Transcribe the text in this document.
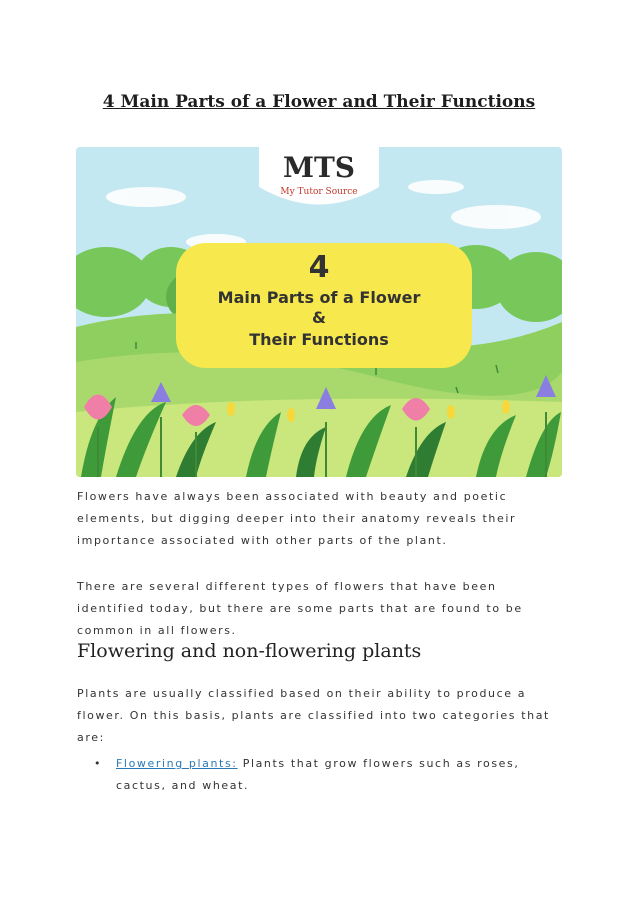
4 Main Parts of a Flower and Their Functions
MTS
My Tutor Source
4
Main Parts of a Flower
&
Their Functions

Flowers have always been associated with beauty and poetic elements, but digging deeper into their anatomy reveals their importance associated with other parts of the plant.

There are several different types of flowers that have been identified today, but there are some parts that are found to be common in all flowers.

Flowering and non-flowering plants

Plants are usually classified based on their ability to produce a flower. On this basis, plants are classified into two categories that are:

•	Flowering plants: Plants that grow flowers such as roses, cactus, and wheat.
